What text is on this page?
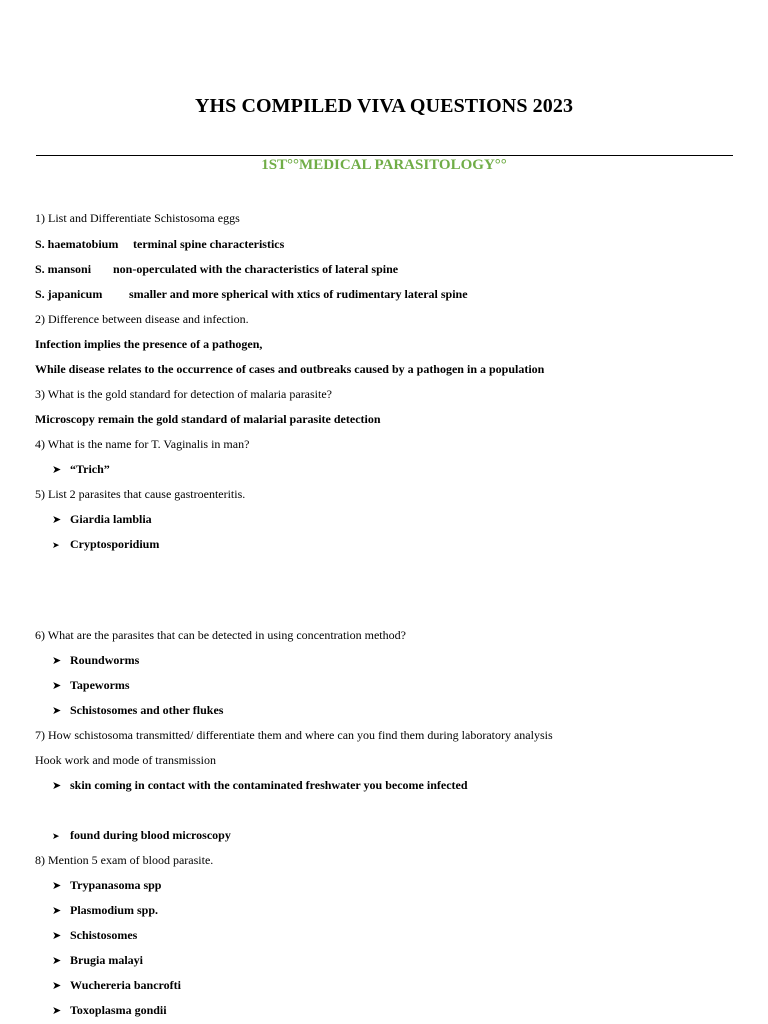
YHS COMPILED VIVA QUESTIONS 2023
1ST°°MEDICAL PARASITOLOGY°°
1) List and Differentiate Schistosoma eggs
S. haematobium terminal spine characteristics
S. mansoni non-operculated with the characteristics of lateral spine
S. japanicum smaller and more spherical with xtics of rudimentary lateral spine
2) Difference between disease and infection.
Infection implies the presence of a pathogen,
While disease relates to the occurrence of cases and outbreaks caused by a pathogen in a population
3) What is the gold standard for detection of malaria parasite?
Microscopy remain the gold standard of malarial parasite detection
4) What is the name for T. Vaginalis in man?
➤ “Trich”
5) List 2 parasites that cause gastroenteritis.
➤ Giardia lamblia
➤ Cryptosporidium
6) What are the parasites that can be detected in using concentration method?
➤ Roundworms
➤ Tapeworms
➤ Schistosomes and other flukes
7) How schistosoma transmitted/ differentiate them and where can you find them during laboratory analysis
Hook work and mode of transmission
➤ skin coming in contact with the contaminated freshwater you become infected
➤ found during blood microscopy
8) Mention 5 exam of blood parasite.
➤ Trypanasoma spp
➤ Plasmodium spp.
➤ Schistosomes
➤ Brugia malayi
➤ Wuchereria bancrofti
➤ Toxoplasma gondii
